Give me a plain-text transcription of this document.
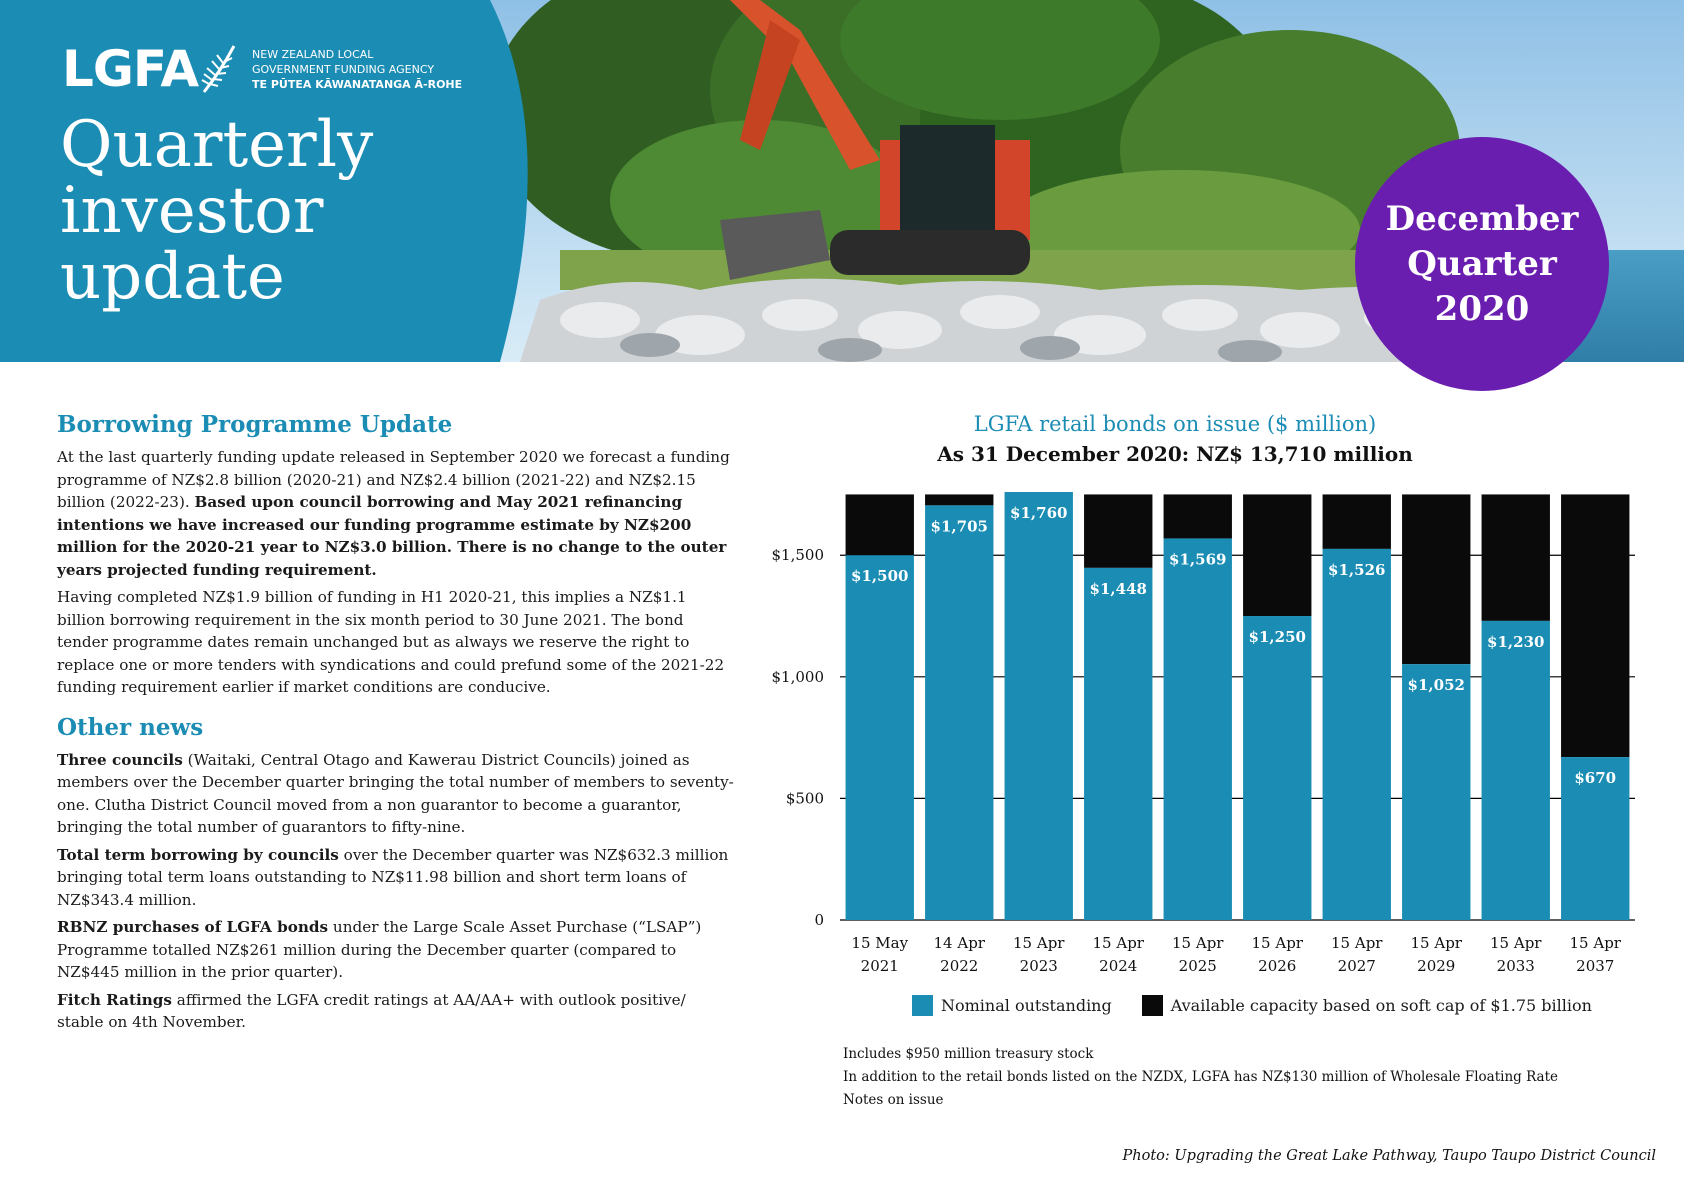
LGFA	NEW ZEALAND LOCAL
GOVERNMENT FUNDING AGENCY
TE PŪTEA KĀWANATANGA Ā-ROHE
Quarterly
investor
update
December
Quarter
2020
Borrowing Programme Update

At the last quarterly funding update released in September 2020 we forecast a funding programme of NZ$2.8 billion (2020-21) and NZ$2.4 billion (2021-22) and NZ$2.15 billion (2022-23). Based upon council borrowing and May 2021 refinancing intentions we have increased our funding programme estimate by NZ$200 million for the 2020-21 year to NZ$3.0 billion. There is no change to the outer years projected funding requirement.

Having completed NZ$1.9 billion of funding in H1 2020-21, this implies a NZ$1.1 billion borrowing requirement in the six month period to 30 June 2021. The bond tender programme dates remain unchanged but as always we reserve the right to replace one or more tenders with syndications and could prefund some of the 2021-22 funding requirement earlier if market conditions are conducive.

Other news

Three councils (Waitaki, Central Otago and Kawerau District Councils) joined as members over the December quarter bringing the total number of members to seventy-one. Clutha District Council moved from a non guarantor to become a guarantor, bringing the total number of guarantors to fifty-nine.

Total term borrowing by councils over the December quarter was NZ$632.3 million bringing total term loans outstanding to NZ$11.98 billion and short term loans of NZ$343.4 million.

RBNZ purchases of LGFA bonds under the Large Scale Asset Purchase (“LSAP”) Programme totalled NZ$261 million during the December quarter (compared to NZ$445 million in the prior quarter).

Fitch Ratings affirmed the LGFA credit ratings at AA/AA+ with outlook positive/ stable on 4th November.

LGFA retail bonds on issue ($ million)
As 31 December 2020: NZ$ 13,710 million
0
$500
$1,000
$1,500
$1,500
15 May
2021
$1,705
14 Apr
2022
$1,760
15 Apr
2023
$1,448
15 Apr
2024
$1,569
15 Apr
2025
$1,250
15 Apr
2026
$1,526
15 Apr
2027
$1,052
15 Apr
2029
$1,230
15 Apr
2033
$670
15 Apr
2037
Nominal outstanding	Available capacity based on soft cap of $1.75 billion
Includes $950 million treasury stock
In addition to the retail bonds listed on the NZDX, LGFA has NZ$130 million of Wholesale Floating Rate
Notes on issue
Photo: Upgrading the Great Lake Pathway, Taupo Taupo District Council
